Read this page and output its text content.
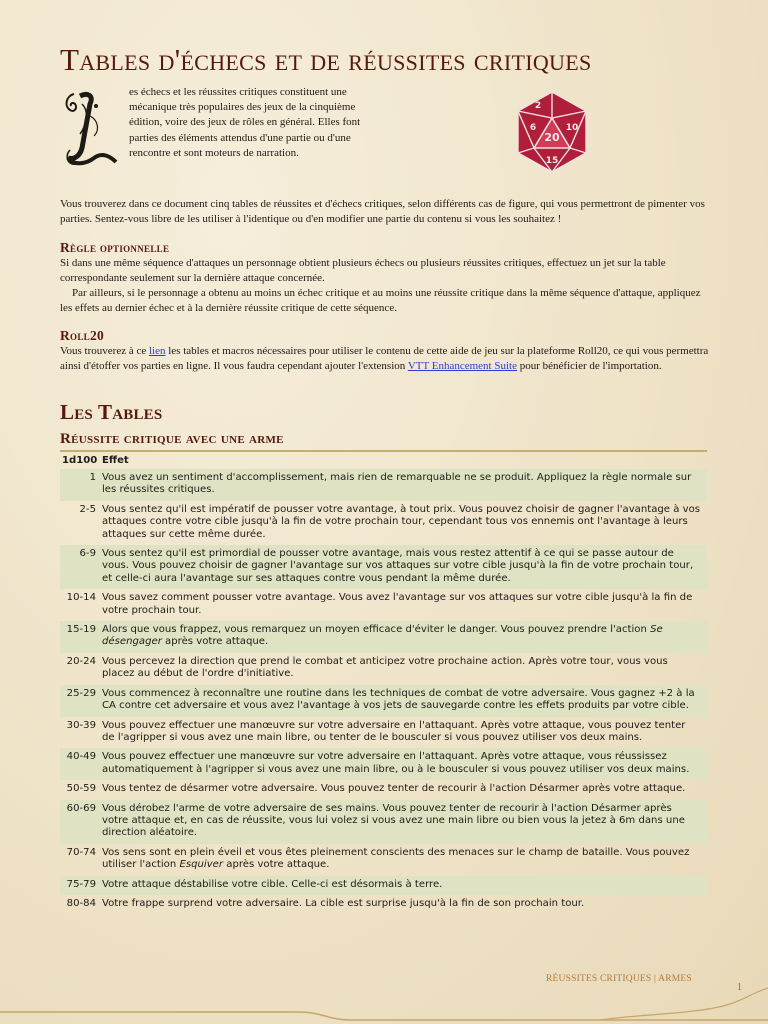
Tables d'échecs et de réussites critiques

es échecs et les réussites critiques constituent une mécanique très populaires des jeux de la cinquième édition, voire des jeux de rôles en général. Elles font parties des éléments attendus d'une partie ou d'une rencontre et sont moteurs de narration.

2
6
20
10
15

Vous trouverez dans ce document cinq tables de réussites et d'échecs critiques, selon différents cas de figure, qui vous permettront de pimenter vos parties. Sentez-vous libre de les utiliser à l'identique ou d'en modifier une partie du contenu si vous les souhaitez !

Règle optionnelle

Si dans une même séquence d'attaques un personnage obtient plusieurs échecs ou plusieurs réussites critiques, effectuez un jet sur la table correspondante seulement sur la dernière attaque concernée.

Par ailleurs, si le personnage a obtenu au moins un échec critique et au moins une réussite critique dans la même séquence d'attaque, appliquez les effets au dernier échec et à la dernière réussite critique de cette séquence.

Roll20

Vous trouverez à ce lien les tables et macros nécessaires pour utiliser le contenu de cette aide de jeu sur la plateforme Roll20, ce qui vous permettra ainsi d'étoffer vos parties en ligne. Il vous faudra cependant ajouter l'extension VTT Enhancement Suite pour bénéficier de l'importation.

Les Tables
Réussite critique avec une arme
1d100 Effet
1 Vous avez un sentiment d'accomplissement, mais rien de remarquable ne se produit. Appliquez la règle normale sur les réussites critiques.
2-5 Vous sentez qu'il est impératif de pousser votre avantage, à tout prix. Vous pouvez choisir de gagner l'avantage à vos attaques contre votre cible jusqu'à la fin de votre prochain tour, cependant tous vos ennemis ont l'avantage à leurs attaques sur cette même durée.
6-9 Vous sentez qu'il est primordial de pousser votre avantage, mais vous restez attentif à ce qui se passe autour de vous. Vous pouvez choisir de gagner l'avantage sur vos attaques sur votre cible jusqu'à la fin de votre prochain tour, et celle-ci aura l'avantage sur ses attaques contre vous pendant la même durée.
10-14 Vous savez comment pousser votre avantage. Vous avez l'avantage sur vos attaques sur votre cible jusqu'à la fin de votre prochain tour.
15-19 Alors que vous frappez, vous remarquez un moyen efficace d'éviter le danger. Vous pouvez prendre l'action Se désengager après votre attaque.
20-24 Vous percevez la direction que prend le combat et anticipez votre prochaine action. Après votre tour, vous vous placez au début de l'ordre d'initiative.
25-29 Vous commencez à reconnaître une routine dans les techniques de combat de votre adversaire. Vous gagnez +2 à la CA contre cet adversaire et vous avez l'avantage à vos jets de sauvegarde contre les effets produits par votre cible.
30-39 Vous pouvez effectuer une manœuvre sur votre adversaire en l'attaquant. Après votre attaque, vous pouvez tenter de l'agripper si vous avez une main libre, ou tenter de le bousculer si vous pouvez utiliser vos deux mains.
40-49 Vous pouvez effectuer une manœuvre sur votre adversaire en l'attaquant. Après votre attaque, vous réussissez automatiquement à l'agripper si vous avez une main libre, ou à le bousculer si vous pouvez utiliser vos deux mains.
50-59 Vous tentez de désarmer votre adversaire. Vous pouvez tenter de recourir à l'action Désarmer après votre attaque.
60-69 Vous dérobez l'arme de votre adversaire de ses mains. Vous pouvez tenter de recourir à l'action Désarmer après votre attaque et, en cas de réussite, vous lui volez si vous avez une main libre ou bien vous la jetez à 6m dans une direction aléatoire.
70-74 Vos sens sont en plein éveil et vous êtes pleinement conscients des menaces sur le champ de bataille. Vous pouvez utiliser l'action Esquiver après votre attaque.
75-79 Votre attaque déstabilise votre cible. Celle-ci est désormais à terre.
80-84 Votre frappe surprend votre adversaire. La cible est surprise jusqu'à la fin de son prochain tour.
RÉUSSITES CRITIQUES | ARMES
1
